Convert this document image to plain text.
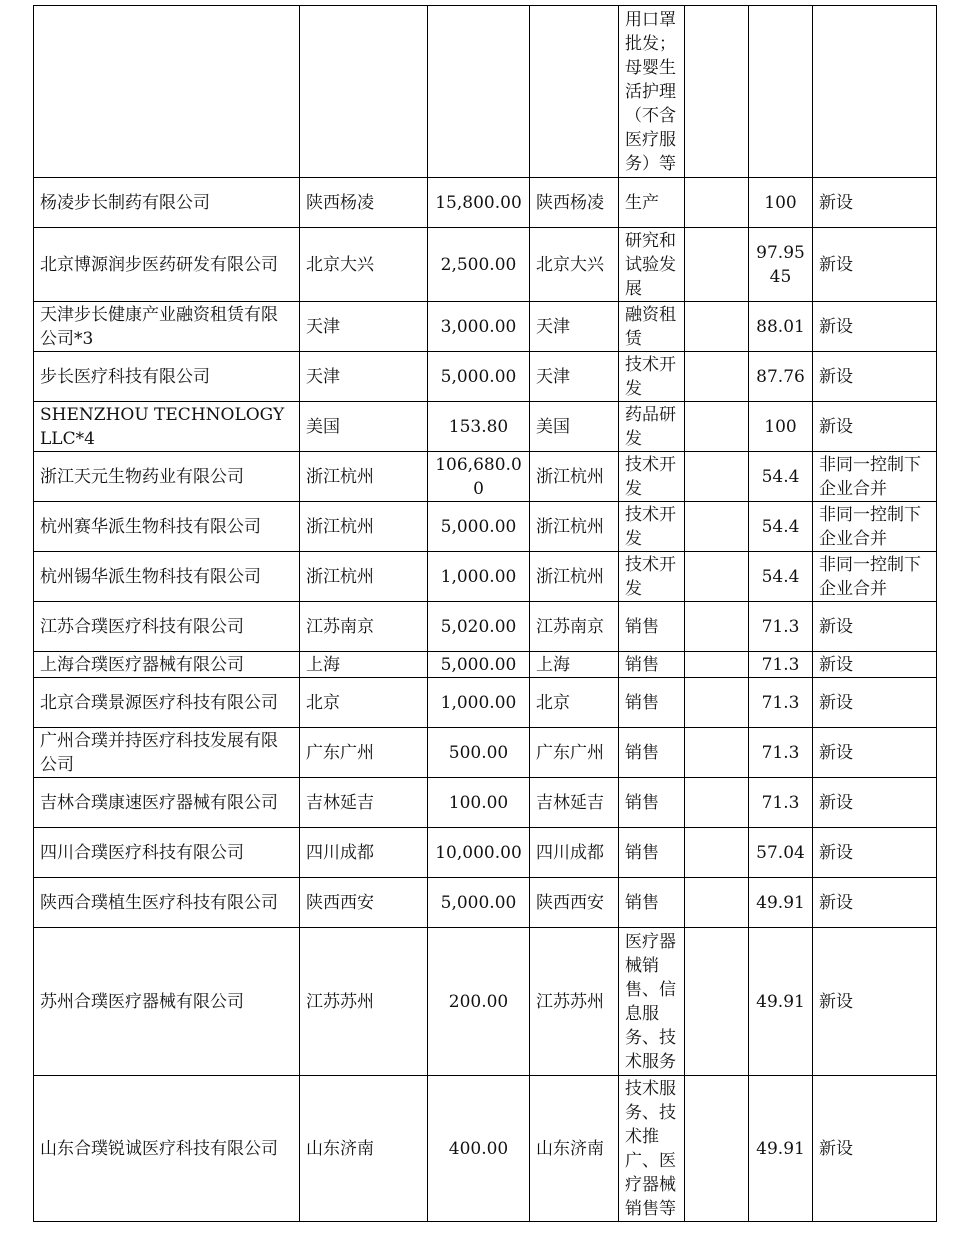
				用口罩批发；母婴生活护理（不含医疗服务）等			
杨凌步长制药有限公司	陕西杨凌	15,800.00	陕西杨凌	生产		100	新设
北京博源润步医药研发有限公司	北京大兴	2,500.00	北京大兴	研究和试验发展		97.9545	新设
天津步长健康产业融资租赁有限公司*3	天津	3,000.00	天津	融资租赁		88.01	新设
步长医疗科技有限公司	天津	5,000.00	天津	技术开发		87.76	新设
SHENZHOU TECHNOLOGY LLC*4	美国	153.80	美国	药品研发		100	新设
浙江天元生物药业有限公司	浙江杭州	106,680.00	浙江杭州	技术开发		54.4	非同一控制下企业合并
杭州赛华派生物科技有限公司	浙江杭州	5,000.00	浙江杭州	技术开发		54.4	非同一控制下企业合并
杭州锡华派生物科技有限公司	浙江杭州	1,000.00	浙江杭州	技术开发		54.4	非同一控制下企业合并
江苏合璞医疗科技有限公司	江苏南京	5,020.00	江苏南京	销售		71.3	新设
上海合璞医疗器械有限公司	上海	5,000.00	上海	销售		71.3	新设
北京合璞景源医疗科技有限公司	北京	1,000.00	北京	销售		71.3	新设
广州合璞并持医疗科技发展有限公司	广东广州	500.00	广东广州	销售		71.3	新设
吉林合璞康速医疗器械有限公司	吉林延吉	100.00	吉林延吉	销售		71.3	新设
四川合璞医疗科技有限公司	四川成都	10,000.00	四川成都	销售		57.04	新设
陕西合璞植生医疗科技有限公司	陕西西安	5,000.00	陕西西安	销售		49.91	新设
苏州合璞医疗器械有限公司	江苏苏州	200.00	江苏苏州	医疗器械销售、信息服务、技术服务		49.91	新设
山东合璞锐诚医疗科技有限公司	山东济南	400.00	山东济南	技术服务、技术推广、医疗器械销售等		49.91	新设
